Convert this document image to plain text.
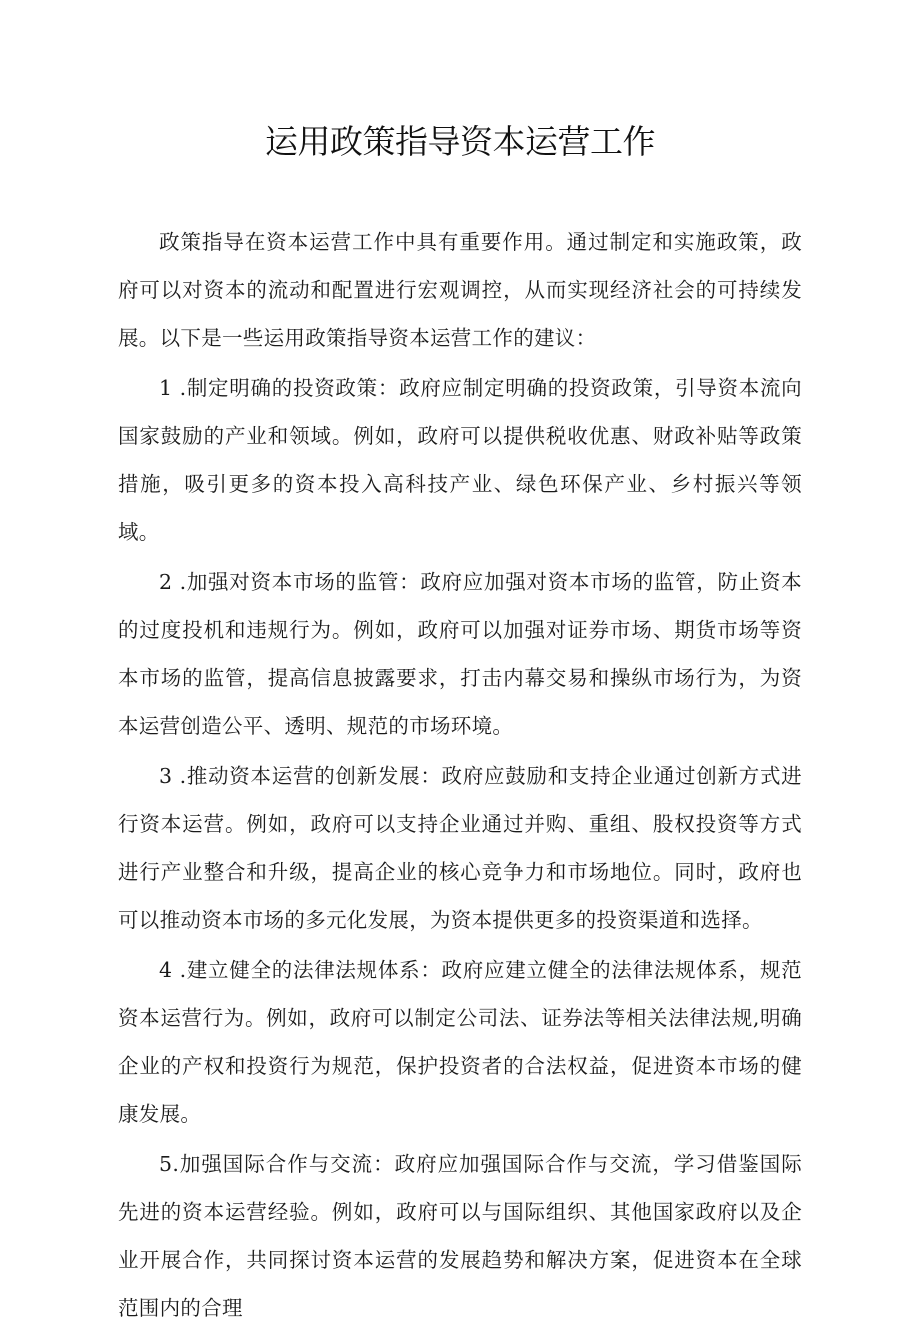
运用政策指导资本运营工作

政策指导在资本运营工作中具有重要作用。通过制定和实施政策，政府可以对资本的流动和配置进行宏观调控，从而实现经济社会的可持续发展。以下是一些运用政策指导资本运营工作的建议：

1 .制定明确的投资政策：政府应制定明确的投资政策，引导资本流向国家鼓励的产业和领域。例如，政府可以提供税收优惠、财政补贴等政策措施，吸引更多的资本投入高科技产业、绿色环保产业、乡村振兴等领域。

2 .加强对资本市场的监管：政府应加强对资本市场的监管，防止资本的过度投机和违规行为。例如，政府可以加强对证券市场、期货市场等资本市场的监管，提高信息披露要求，打击内幕交易和操纵市场行为，为资本运营创造公平、透明、规范的市场环境。

3 .推动资本运营的创新发展：政府应鼓励和支持企业通过创新方式进行资本运营。例如，政府可以支持企业通过并购、重组、股权投资等方式进行产业整合和升级，提高企业的核心竞争力和市场地位。同时，政府也可以推动资本市场的多元化发展，为资本提供更多的投资渠道和选择。

4 .建立健全的法律法规体系：政府应建立健全的法律法规体系，规范资本运营行为。例如，政府可以制定公司法、证券法等相关法律法规,明确企业的产权和投资行为规范，保护投资者的合法权益，促进资本市场的健康发展。

5.加强国际合作与交流：政府应加强国际合作与交流，学习借鉴国际先进的资本运营经验。例如，政府可以与国际组织、其他国家政府以及企业开展合作，共同探讨资本运营的发展趋势和解决方案，促进资本在全球范围内的合理
